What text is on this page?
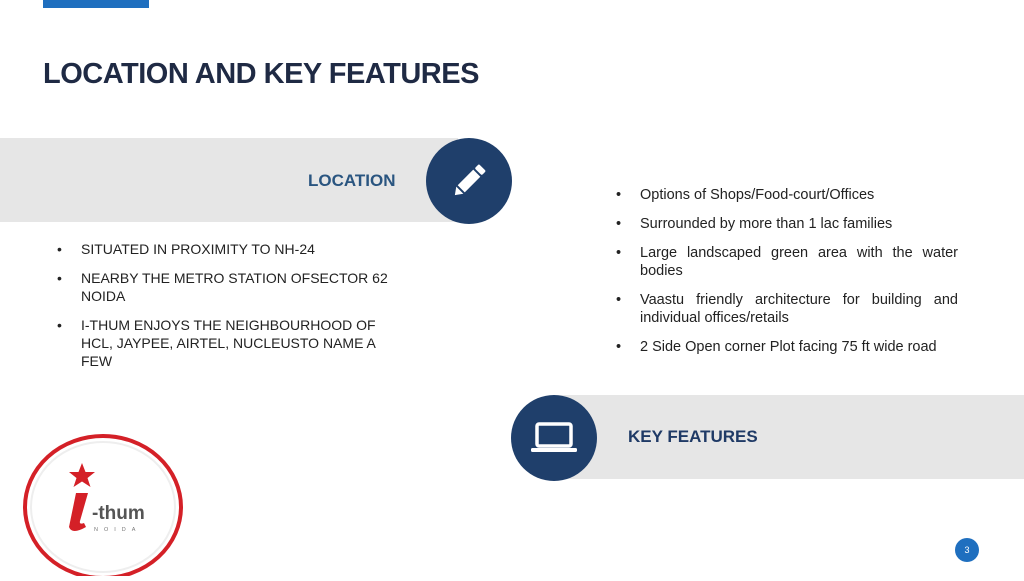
LOCATION AND KEY FEATURES
LOCATION
• SITUATED IN PROXIMITY TO NH-24
• NEARBY THE METRO STATION OFSECTOR 62 NOIDA
• I-THUM ENJOYS THE NEIGHBOURHOOD OF HCL, JAYPEE, AIRTEL, NUCLEUSTO NAME A FEW
• Options of Shops/Food-court/Offices
• Surrounded by more than 1 lac families
• Large landscaped green area with the water bodies
• Vaastu friendly architecture for building and individual offices/retails
• 2 Side Open corner Plot facing 75 ft wide road
KEY FEATURES
-thum
NOIDA
3
